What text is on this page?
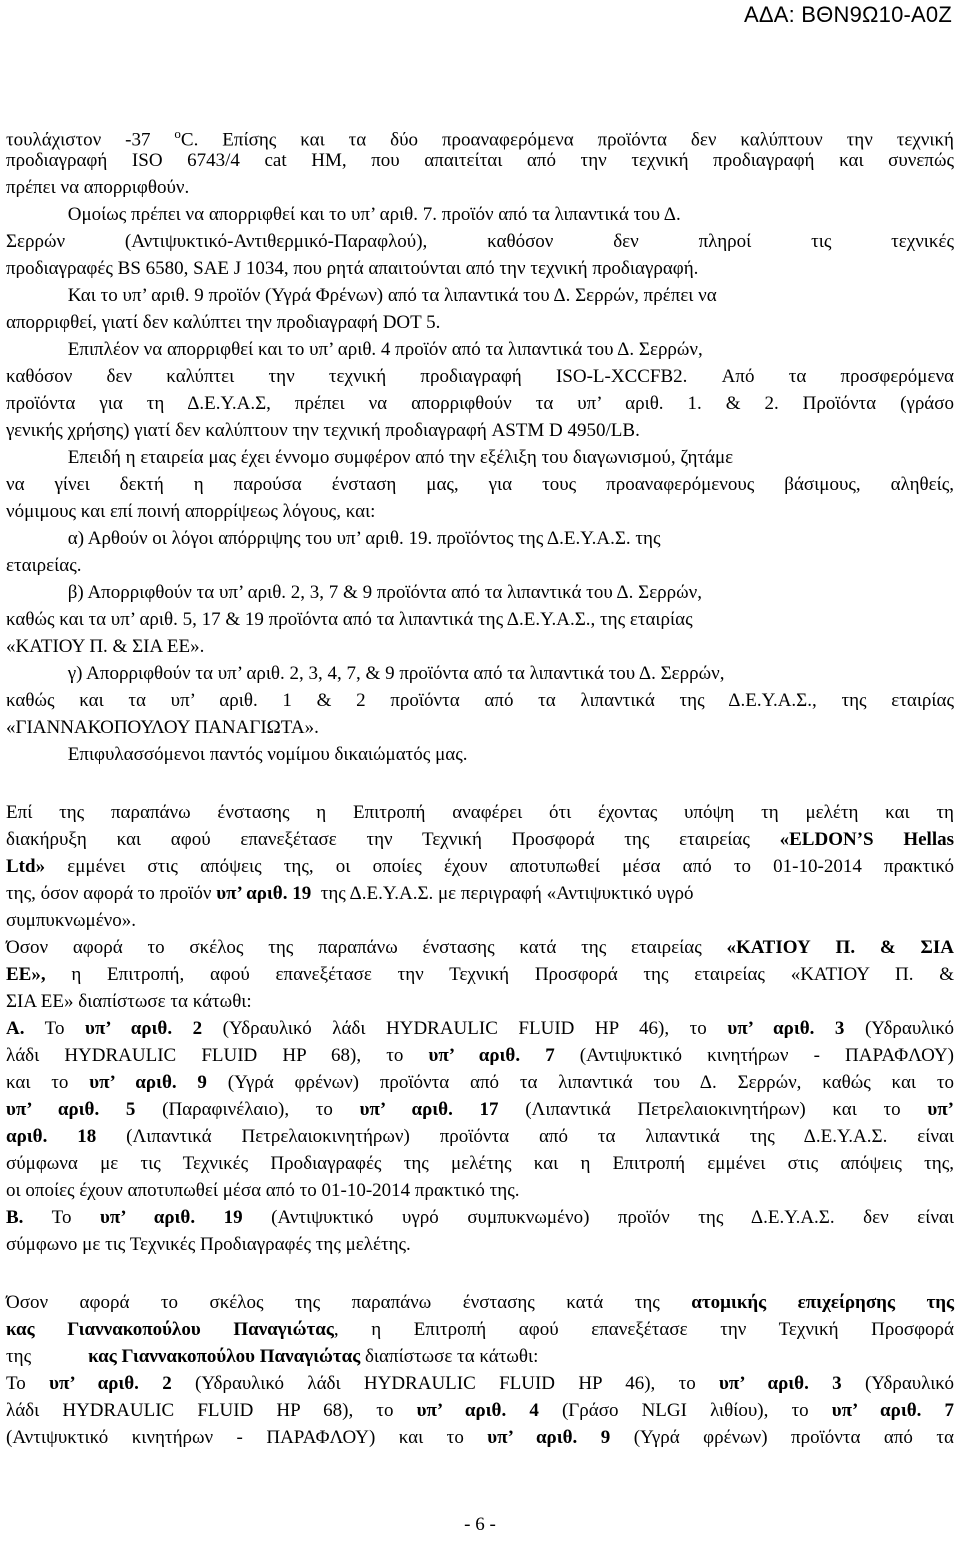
ΑΔΑ: ΒΘΝ9Ω10-Α0Ζ
τουλάχιστον -37 $^o$C. Επίσης και τα δύο προαναφερόμενα προϊόντα δεν καλύπτουν την τεχνική
προδιαγραφή ISO 6743/4 cat HM, που απαιτείται από την τεχνική προδιαγραφή και συνεπώς
πρέπει να απορριφθούν.
    Ομοίως πρέπει να απορριφθεί και το υπ’ αριθ. 7. προϊόν από τα λιπαντικά του Δ.
Σερρών (Αντιψυκτικό-Αντιθερμικό-Παραφλού), καθόσον δεν πληροί τις τεχνικές
προδιαγραφές BS 6580, SAE J 1034, που ρητά απαιτούνται από την τεχνική προδιαγραφή.
    Και το υπ’ αριθ. 9 προϊόν (Υγρά Φρένων) από τα λιπαντικά του Δ. Σερρών, πρέπει να
απορριφθεί, γιατί δεν καλύπτει την προδιαγραφή DOT 5.
    Επιπλέον να απορριφθεί και το υπ’ αριθ. 4 προϊόν από τα λιπαντικά του Δ. Σερρών,
καθόσον δεν καλύπτει την τεχνική προδιαγραφή ISO-L-XCCFB2. Από τα προσφερόμενα
προϊόντα για τη Δ.Ε.Υ.Α.Σ, πρέπει να απορριφθούν τα υπ’ αριθ. 1. & 2. Προϊόντα (γράσο
γενικής χρήσης) γιατί δεν καλύπτουν την τεχνική προδιαγραφή ASTM D 4950/LB.
    Επειδή η εταιρεία μας έχει έννομο συμφέρον από την εξέλιξη του διαγωνισμού, ζητάμε
να γίνει δεκτή η παρούσα ένσταση μας, για τους προαναφερόμενους βάσιμους, αληθείς,
νόμιμους και επί ποινή απορρίψεως λόγους, και:
    α) Αρθούν οι λόγοι απόρριψης του υπ’ αριθ. 19. προϊόντος της Δ.Ε.Υ.Α.Σ. της
εταιρείας.
    β) Απορριφθούν τα υπ’ αριθ. 2, 3, 7 & 9 προϊόντα από τα λιπαντικά του Δ. Σερρών,
καθώς και τα υπ’ αριθ. 5, 17 & 19 προϊόντα από τα λιπαντικά της Δ.Ε.Υ.Α.Σ., της εταιρίας
«ΚΑΤΙΟΥ Π. & ΣΙΑ ΕΕ».
    γ) Απορριφθούν τα υπ’ αριθ. 2, 3, 4, 7, & 9 προϊόντα από τα λιπαντικά του Δ. Σερρών,
καθώς και τα υπ’ αριθ. 1 & 2 προϊόντα από τα λιπαντικά της Δ.Ε.Υ.Α.Σ., της εταιρίας
«ΓΙΑΝΝΑΚΟΠΟΥΛΟΥ ΠΑΝΑΓΙΩΤΑ».
    Επιφυλασσόμενοι παντός νομίμου δικαιώματός μας.
Επί της παραπάνω ένστασης η Επιτροπή αναφέρει ότι έχοντας υπόψη τη μελέτη και τη
διακήρυξη και αφού επανεξέτασε την Τεχνική Προσφορά της εταιρείας «ELDON’S Hellas
Ltd» εμμένει στις απόψεις της, οι οποίες έχουν αποτυπωθεί μέσα από το 01-10-2014 πρακτικό
της, όσον αφορά το προϊόν υπ’ αριθ. 19  της Δ.Ε.Υ.Α.Σ. με περιγραφή «Αντιψυκτικό υγρό
συμπυκνωμένο».
Όσον αφορά το σκέλος της παραπάνω ένστασης κατά της εταιρείας «ΚΑΤΙΟΥ Π. & ΣΙΑ
ΕΕ», η Επιτροπή, αφού επανεξέτασε την Τεχνική Προσφορά της εταιρείας «ΚΑΤΙΟΥ Π. &
ΣΙΑ ΕΕ» διαπίστωσε τα κάτωθι:
Α. Το υπ’ αριθ. 2 (Υδραυλικό λάδι HYDRAULIC FLUID HP 46), το υπ’ αριθ. 3 (Υδραυλικό
λάδι HYDRAULIC FLUID HP 68), το υπ’ αριθ. 7 (Αντιψυκτικό κινητήρων - ΠΑΡΑΦΛΟΥ)
και το υπ’ αριθ. 9 (Υγρά φρένων) προϊόντα από τα λιπαντικά του Δ. Σερρών, καθώς και το
υπ’ αριθ. 5 (Παραφινέλαιο), το υπ’ αριθ. 17 (Λιπαντικά Πετρελαιοκινητήρων) και το υπ’
αριθ. 18 (Λιπαντικά Πετρελαιοκινητήρων) προϊόντα από τα λιπαντικά της Δ.Ε.Υ.Α.Σ. είναι
σύμφωνα με τις Τεχνικές Προδιαγραφές της μελέτης και η Επιτροπή εμμένει στις απόψεις της,
οι οποίες έχουν αποτυπωθεί μέσα από το 01-10-2014 πρακτικό της.
Β. Το υπ’ αριθ. 19 (Αντιψυκτικό υγρό συμπυκνωμένο) προϊόν της Δ.Ε.Υ.Α.Σ. δεν είναι
σύμφωνο με τις Τεχνικές Προδιαγραφές της μελέτης.
Όσον αφορά το σκέλος της παραπάνω ένστασης κατά της ατομικής επιχείρησης της
κας Γιαννακοπούλου Παναγιώτας, η Επιτροπή αφού επανεξέτασε την Τεχνική Προσφορά
της   κας Γιαννακοπούλου Παναγιώτας διαπίστωσε τα κάτωθι:
Το υπ’ αριθ. 2 (Υδραυλικό λάδι HYDRAULIC FLUID HP 46), το υπ’ αριθ. 3 (Υδραυλικό
λάδι HYDRAULIC FLUID HP 68), το υπ’ αριθ. 4 (Γράσο NLGI λιθίου), το υπ’ αριθ. 7
(Αντιψυκτικό κινητήρων - ΠΑΡΑΦΛΟΥ) και το υπ’ αριθ. 9 (Υγρά φρένων) προϊόντα από τα
- 6 -
